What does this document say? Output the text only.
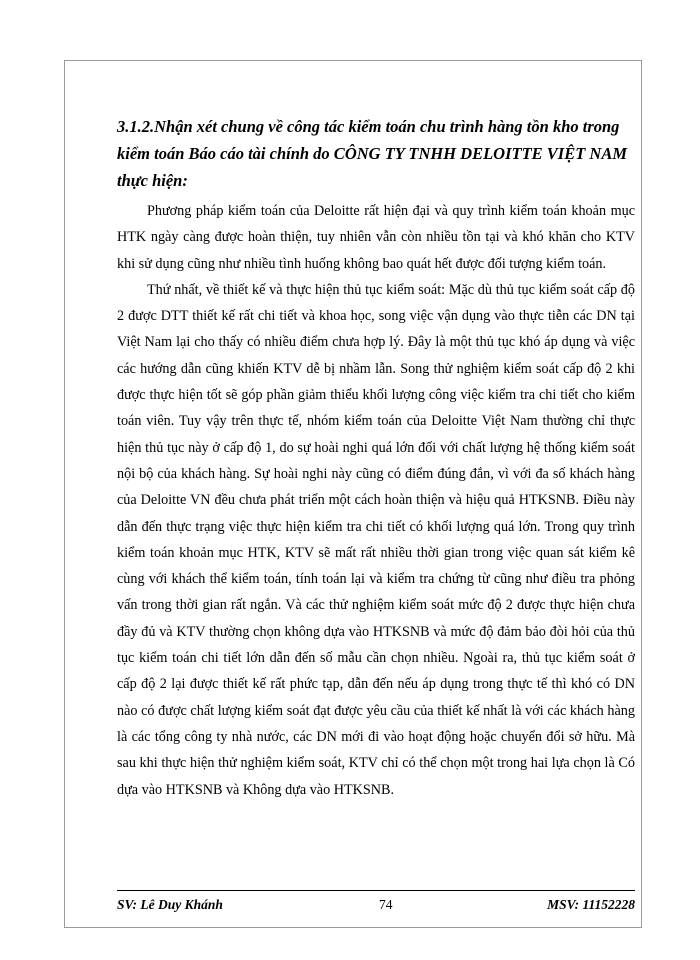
3.1.2.Nhận xét chung về công tác kiểm toán chu trình hàng tồn kho trong kiểm toán Báo cáo tài chính do CÔNG TY TNHH DELOITTE VIỆT NAM thực hiện:

Phương pháp kiểm toán của Deloitte rất hiện đại và quy trình kiểm toán khoản mục HTK ngày càng được hoàn thiện, tuy nhiên vẫn còn nhiều tồn tại và khó khăn cho KTV khi sử dụng cũng như nhiều tình huống không bao quát hết được đối tượng kiểm toán.

Thứ nhất, về thiết kế và thực hiện thủ tục kiểm soát: Mặc dù thủ tục kiểm soát cấp độ 2 được DTT thiết kế rất chi tiết và khoa học, song việc vận dụng vào thực tiễn các DN tại Việt Nam lại cho thấy có nhiều điểm chưa hợp lý. Đây là một thủ tục khó áp dụng và việc các hướng dẫn cũng khiến KTV dễ bị nhầm lẫn. Song thử nghiệm kiểm soát cấp độ 2 khi được thực hiện tốt sẽ góp phần giảm thiểu khối lượng công việc kiểm tra chi tiết cho kiểm toán viên. Tuy vậy trên thực tế, nhóm kiểm toán của Deloitte Việt Nam thường chỉ thực hiện thủ tục này ở cấp độ 1, do sự hoài nghi quá lớn đối với chất lượng hệ thống kiểm soát nội bộ của khách hàng. Sự hoài nghi này cũng có điểm đúng đắn, vì với đa số khách hàng của Deloitte VN đều chưa phát triển một cách hoàn thiện và hiệu quả HTKSNB. Điều này dẫn đến thực trạng việc thực hiện kiểm tra chi tiết có khối lượng quá lớn. Trong quy trình kiểm toán khoản mục HTK, KTV sẽ mất rất nhiều thời gian trong việc quan sát kiểm kê cùng với khách thể kiểm toán, tính toán lại và kiểm tra chứng từ cũng như điều tra phỏng vấn trong thời gian rất ngắn. Và các thử nghiệm kiểm soát mức độ 2 được thực hiện chưa đầy đủ và KTV thường chọn không dựa vào HTKSNB và mức độ đảm bảo đòi hỏi của thủ tục kiểm toán chi tiết lớn dẫn đến số mẫu cần chọn nhiều. Ngoài ra, thủ tục kiểm soát ở cấp độ 2 lại được thiết kế rất phức tạp, dẫn đến nếu áp dụng trong thực tế thì khó có DN nào có được chất lượng kiểm soát đạt được yêu cầu của thiết kế nhất là với các khách hàng là các tổng công ty nhà nước, các DN mới đi vào hoạt động hoặc chuyển đổi sở hữu. Mà sau khi thực hiện thử nghiệm kiểm soát, KTV chỉ có thể chọn một trong hai lựa chọn là Có dựa vào HTKSNB và Không dựa vào HTKSNB.

SV: Lê Duy Khánh	74	MSV: 11152228
